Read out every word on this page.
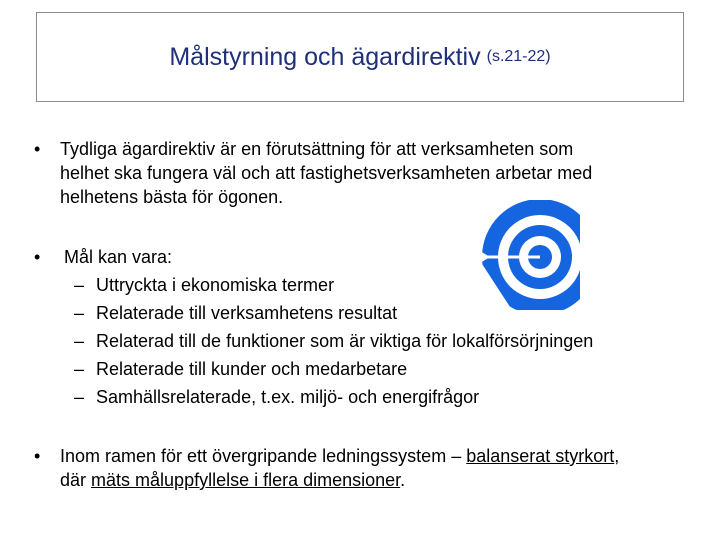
Målstyrning och ägardirektiv (s.21-22)
• Tydliga ägardirektiv är en förutsättning för att verksamheten som
helhet ska fungera väl och att fastighetsverksamheten arbetar med
helhetens bästa för ögonen.
• Mål kan vara:
– Uttryckta i ekonomiska termer
– Relaterade till verksamhetens resultat
– Relaterad till de funktioner som är viktiga för lokalförsörjningen
– Relaterade till kunder och medarbetare
– Samhällsrelaterade, t.ex. miljö- och energifrågor
• Inom ramen för ett övergripande ledningssystem – balanserat styrkort,
där mäts måluppfyllelse i flera dimensioner.
